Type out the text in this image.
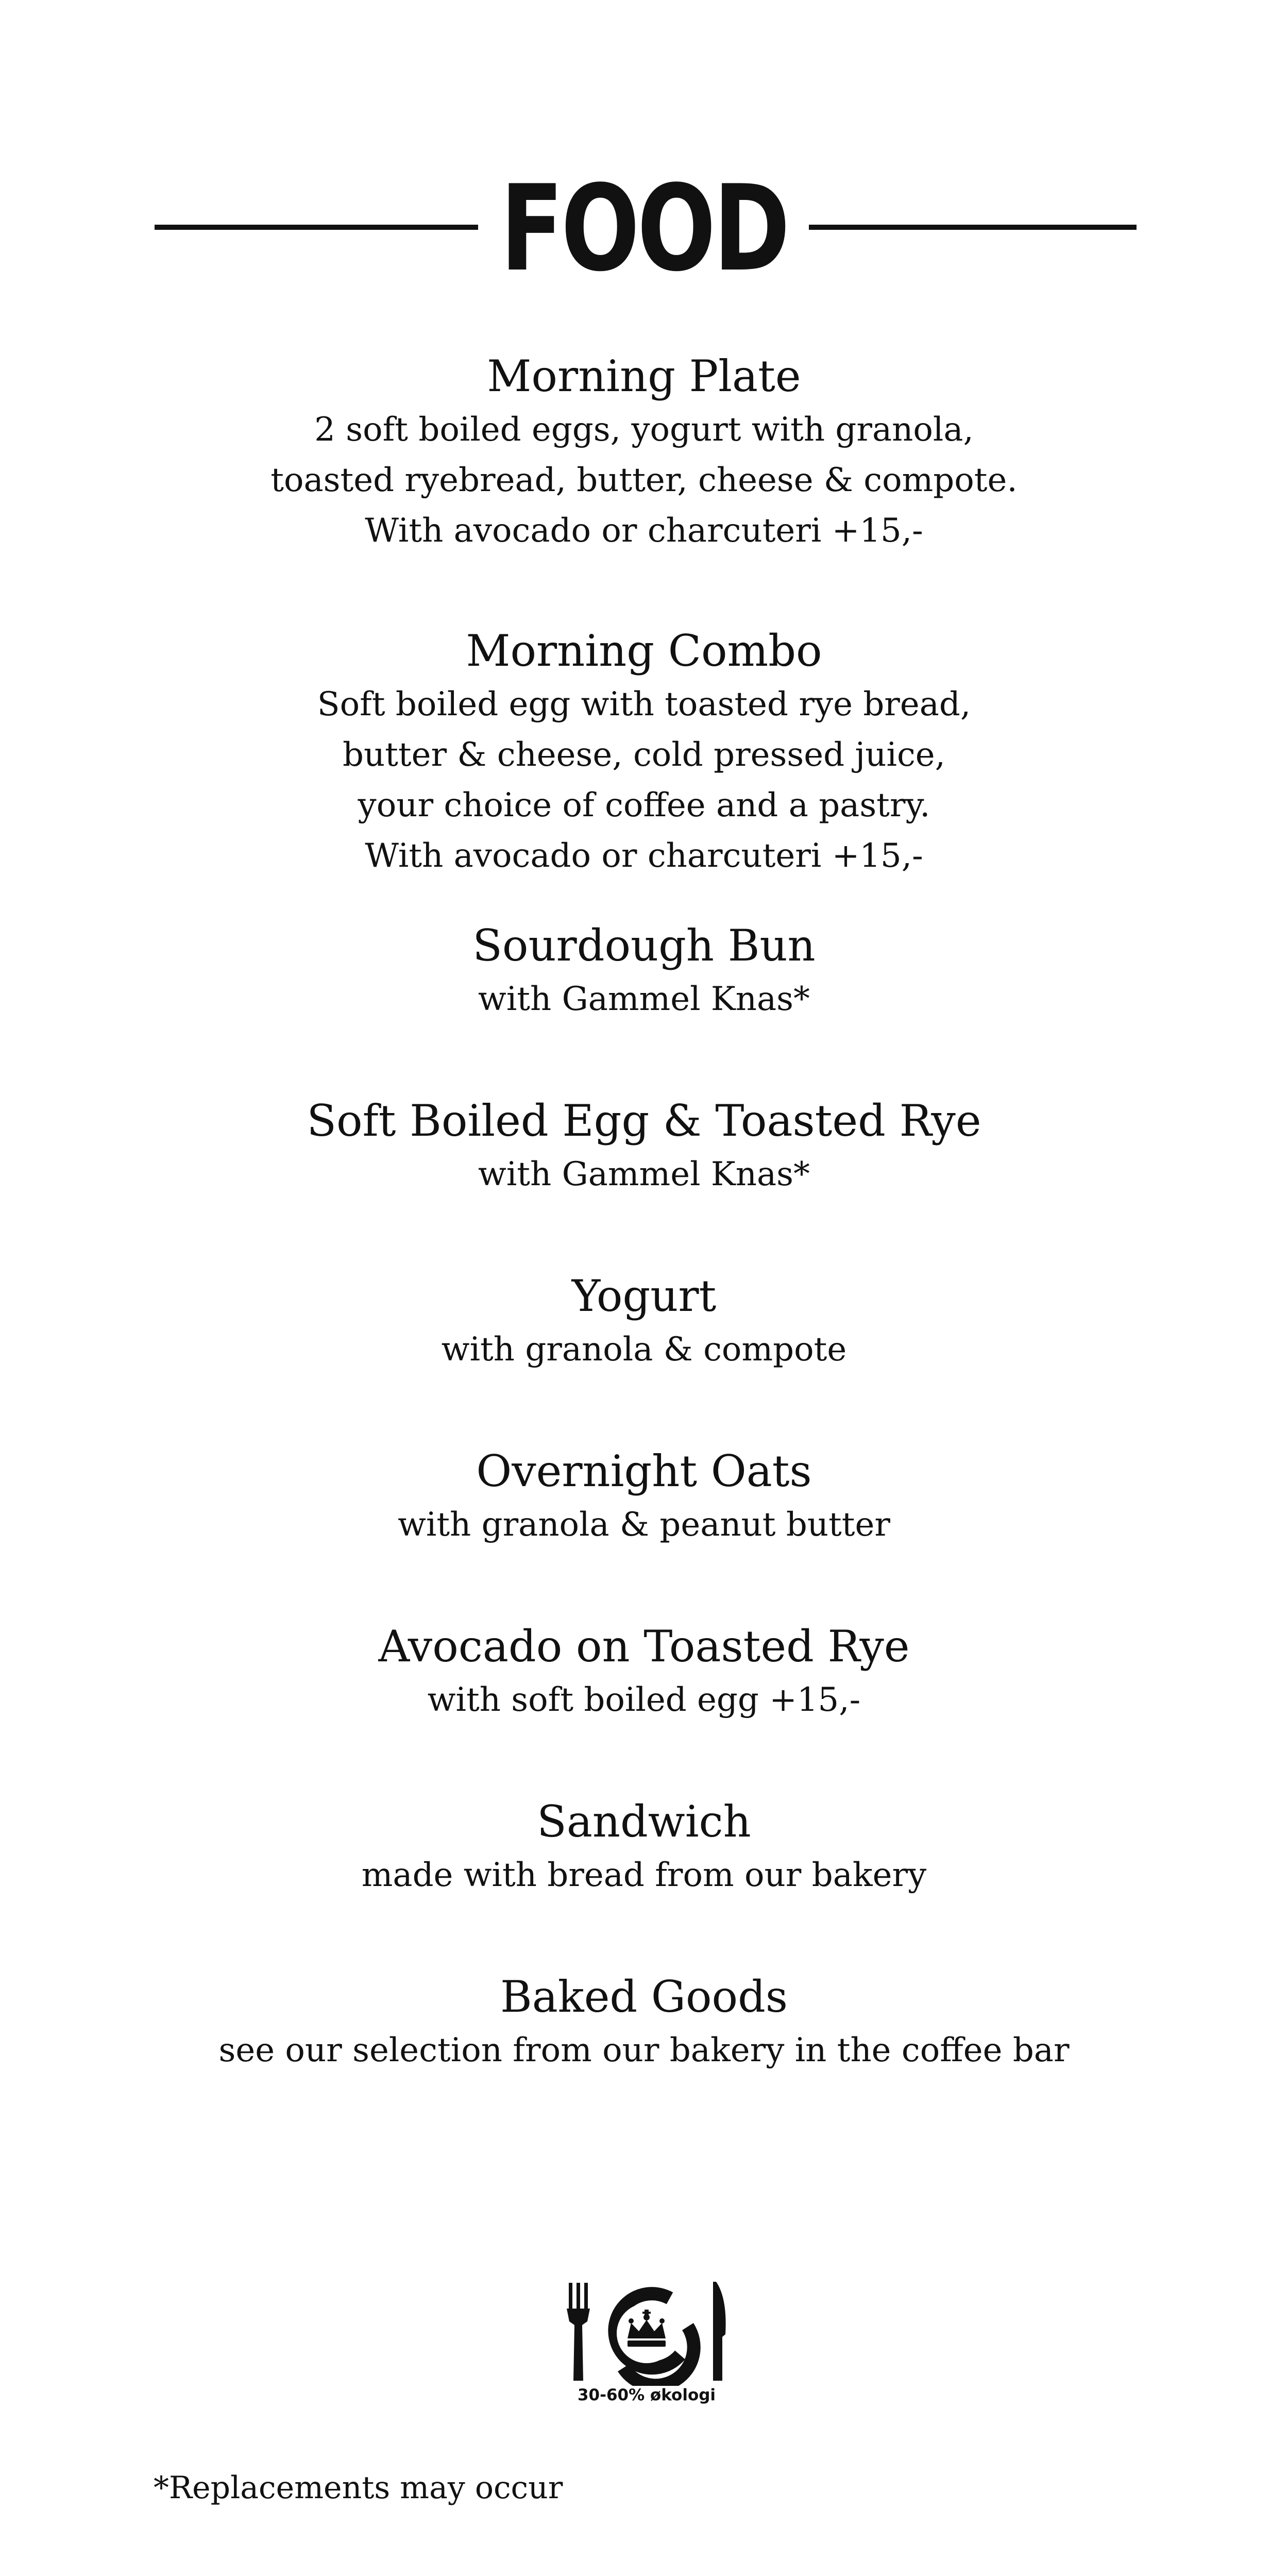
FOOD
Morning Plate
2 soft boiled eggs, yogurt with granola,
toasted ryebread, butter, cheese & compote.
With avocado or charcuteri +15,-
Morning Combo
Soft boiled egg with toasted rye bread,
butter & cheese, cold pressed juice,
your choice of coffee and a pastry.
With avocado or charcuteri +15,-
Sourdough Bun
with Gammel Knas*
Soft Boiled Egg & Toasted Rye
with Gammel Knas*
Yogurt
with granola & compote
Overnight Oats
with granola & peanut butter
Avocado on Toasted Rye
with soft boiled egg +15,-
Sandwich
made with bread from our bakery
Baked Goods
see our selection from our bakery in the coffee bar
30-60% økologi
*Replacements may occur
